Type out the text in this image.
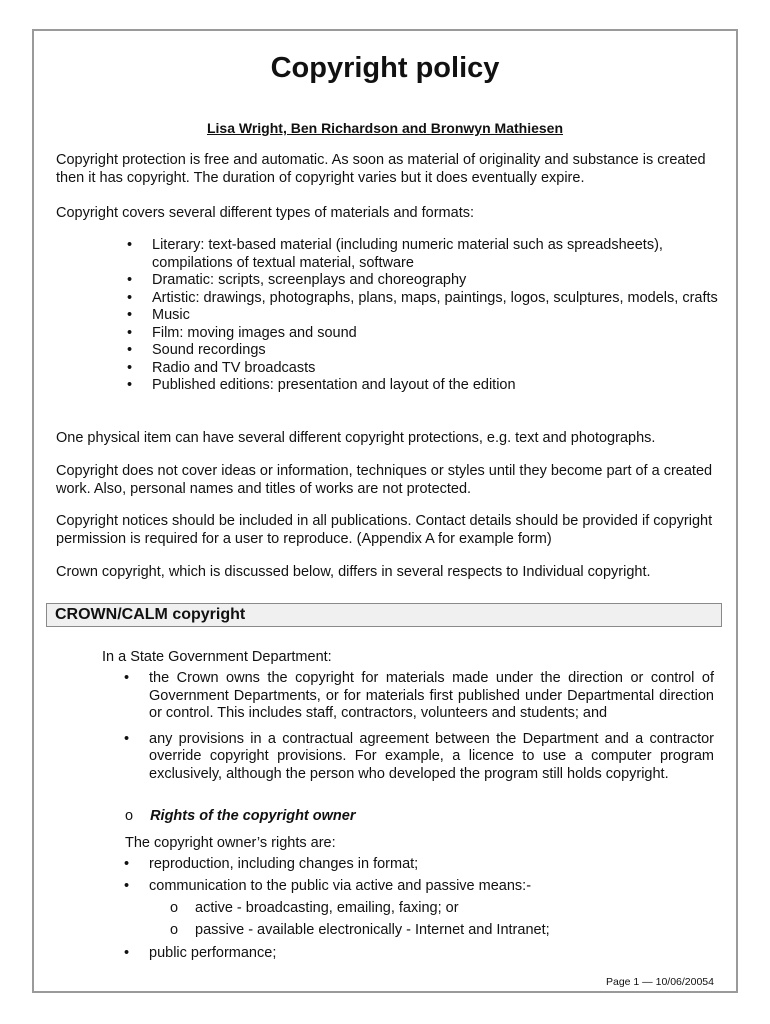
Copyright policy

Lisa Wright, Ben Richardson and Bronwyn Mathiesen

Copyright protection is free and automatic. As soon as material of originality and substance is created then it has copyright. The duration of copyright varies but it does eventually expire.

Copyright covers several different types of materials and formats:

• Literary: text-based material (including numeric material such as spreadsheets), compilations of textual material, software
• Dramatic: scripts, screenplays and choreography
• Artistic: drawings, photographs, plans, maps, paintings, logos, sculptures, models, crafts
• Music
• Film: moving images and sound
• Sound recordings
• Radio and TV broadcasts
• Published editions: presentation and layout of the edition

One physical item can have several different copyright protections, e.g. text and photographs.

Copyright does not cover ideas or information, techniques or styles until they become part of a created work. Also, personal names and titles of works are not protected.

Copyright notices should be included in all publications. Contact details should be provided if copyright permission is required for a user to reproduce. (Appendix A for example form)

Crown copyright, which is discussed below, differs in several respects to Individual copyright.

CROWN/CALM copyright

In a State Government Department:

• the Crown owns the copyright for materials made under the direction or control of Government Departments, or for materials first published under Departmental direction or control. This includes staff, contractors, volunteers and students; and
• any provisions in a contractual agreement between the Department and a contractor override copyright provisions. For example, a licence to use a computer program exclusively, although the person who developed the program still holds copyright.
o Rights of the copyright owner

The copyright owner’s rights are:

• reproduction, including changes in format;
• communication to the public via active and passive means:-
o active - broadcasting, emailing, faxing; or
o passive - available electronically - Internet and Intranet;
• public performance;
Page 1 — 10/06/20054
